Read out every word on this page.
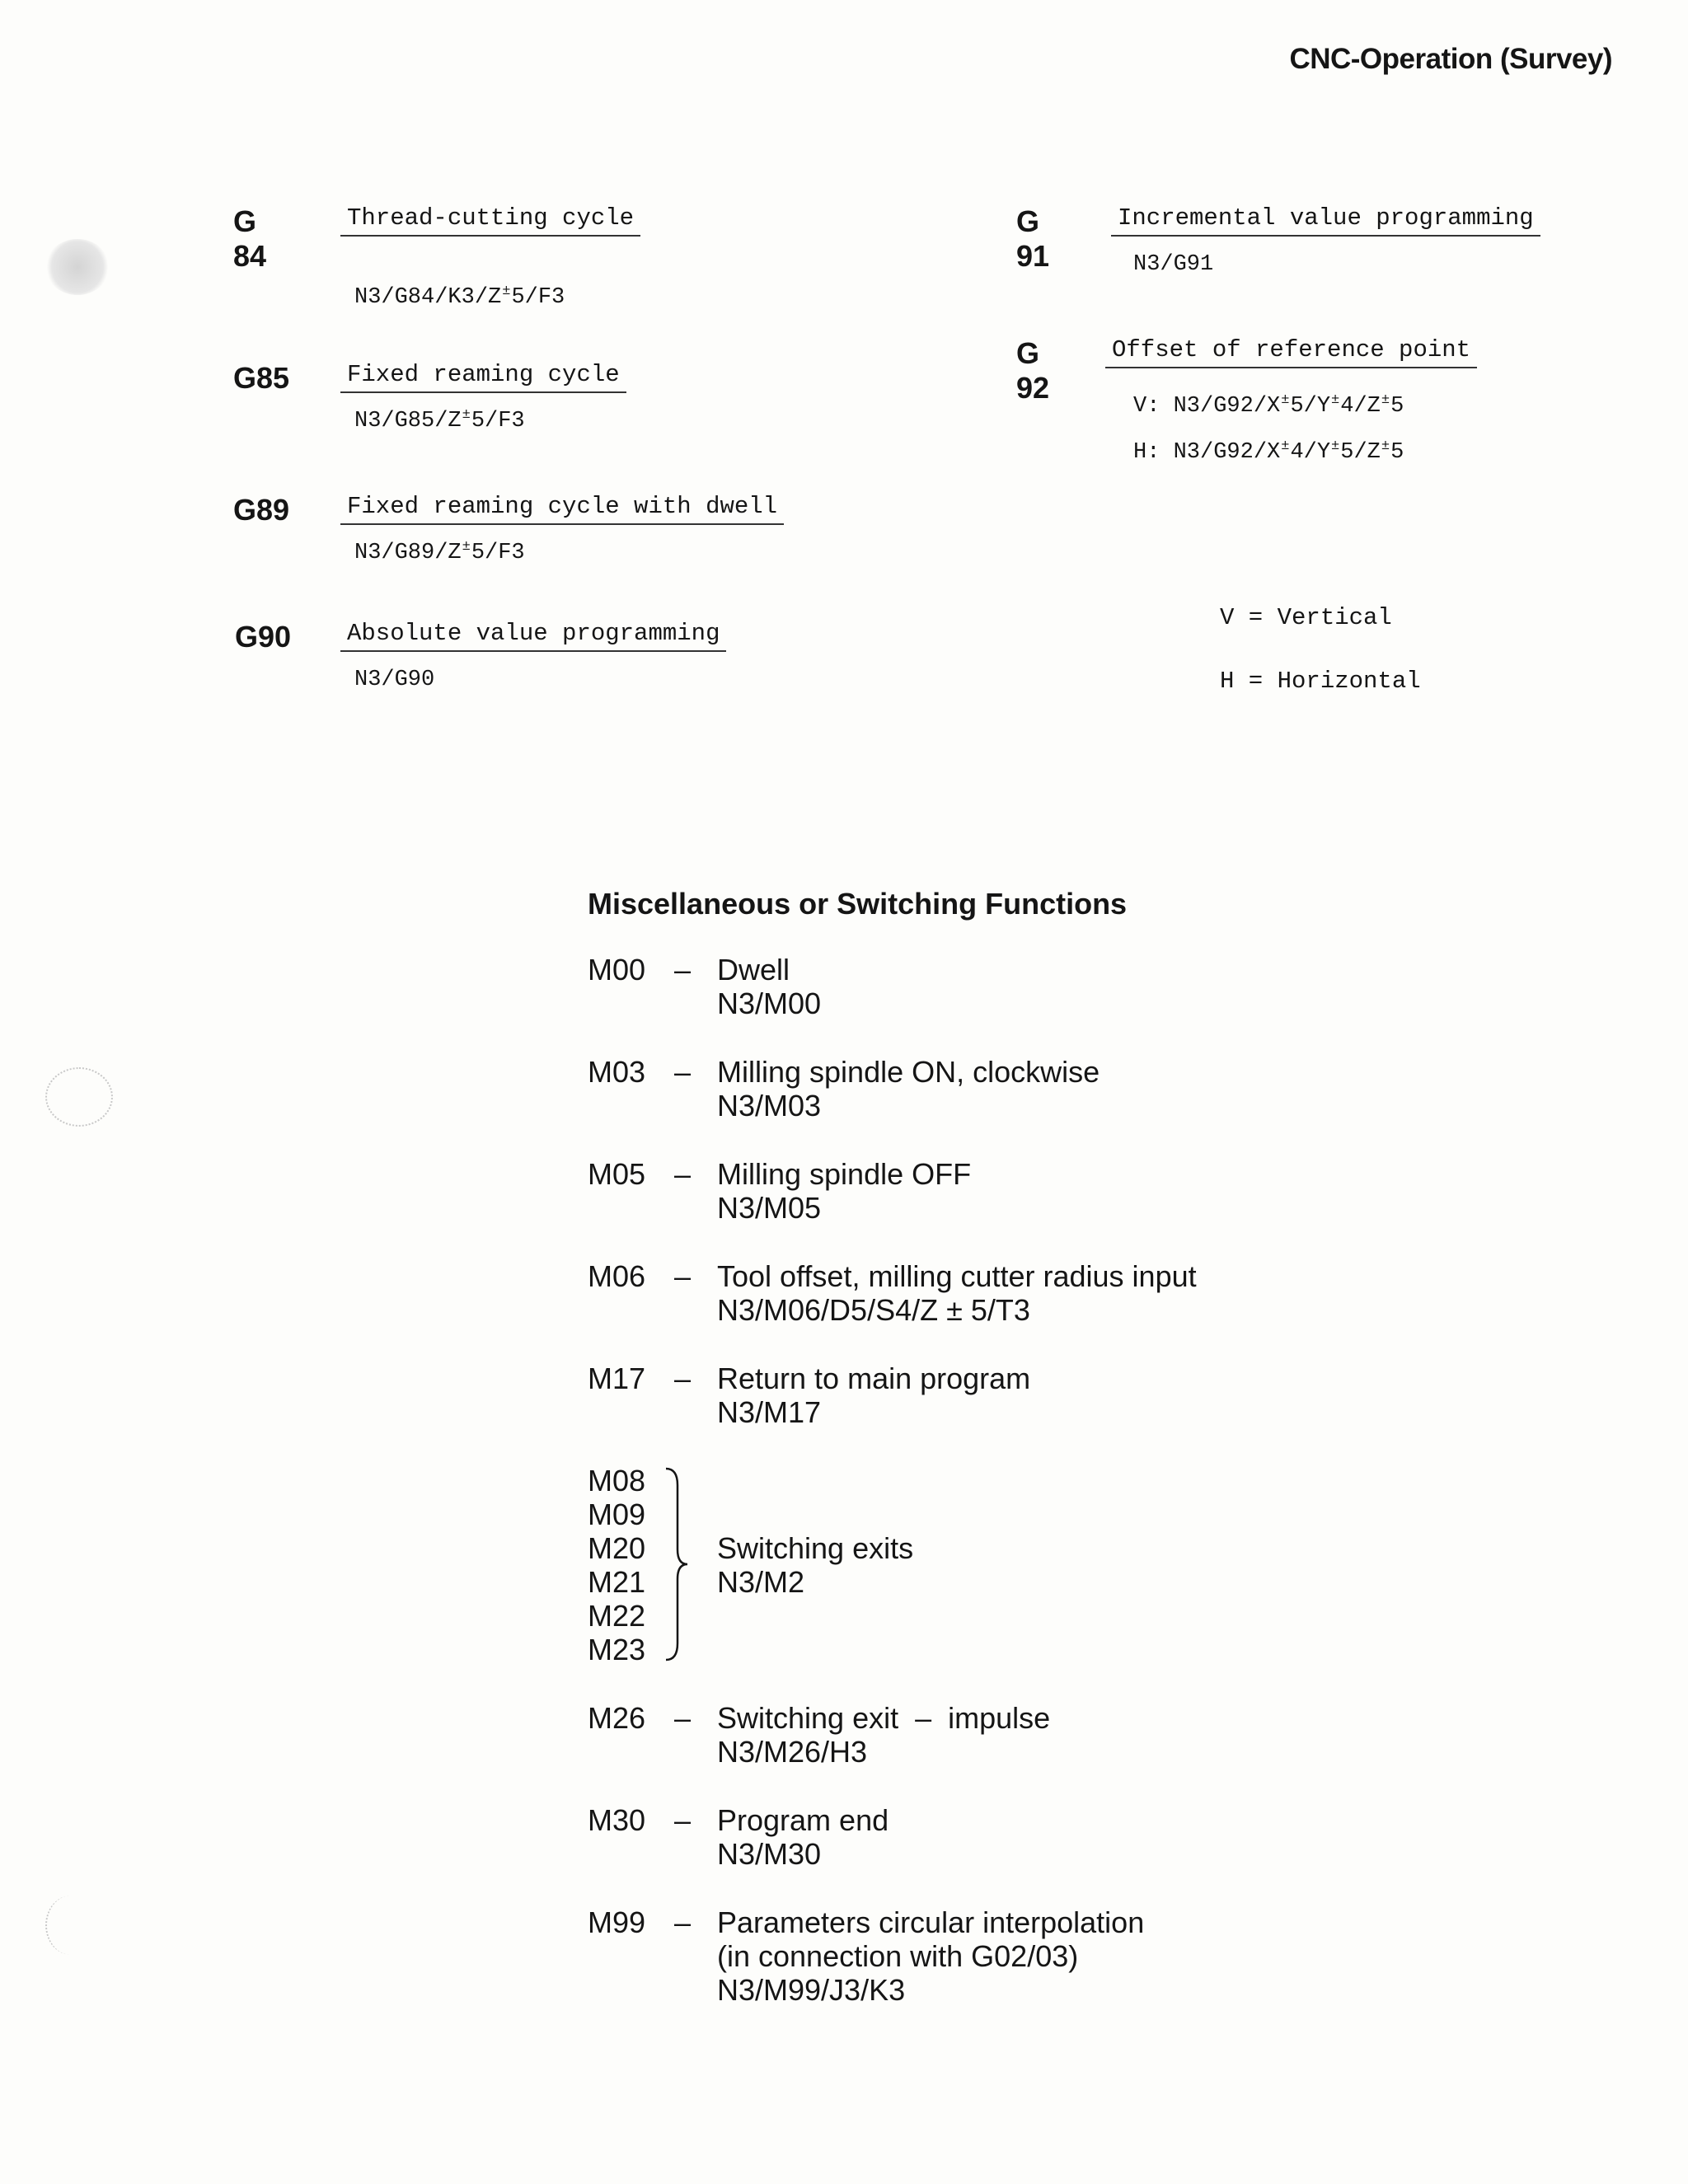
CNC-Operation (Survey)
G 84
Thread-cutting cycle
N3/G84/K3/Z±5/F3
G85 Fixed reaming cycle
N3/G85/Z±5/F3
G89 Fixed reaming cycle with dwell
N3/G89/Z±5/F3
G90 Absolute value programming
N3/G90
G 91
Incremental value programming
N3/G91
G 92
Offset of reference point
V: N3/G92/X±5/Y±4/Z±5
H: N3/G92/X±4/Y±5/Z±5
V = Vertical
H = Horizontal
Miscellaneous or Switching Functions
M00 – Dwell
N3/M00
M03 – Milling spindle ON, clockwise
N3/M03
M05 – Milling spindle OFF
N3/M05
M06 – Tool offset, milling cutter radius input
N3/M06/D5/S4/Z ± 5/T3
M17 – Return to main program
N3/M17
M08
M09
M20
M21
M22
M23
Switching exits
N3/M2
M26 – Switching exit  –  impulse
N3/M26/H3
M30 – Program end
N3/M30
M99 – Parameters circular interpolation
(in connection with G02/03)
N3/M99/J3/K3
